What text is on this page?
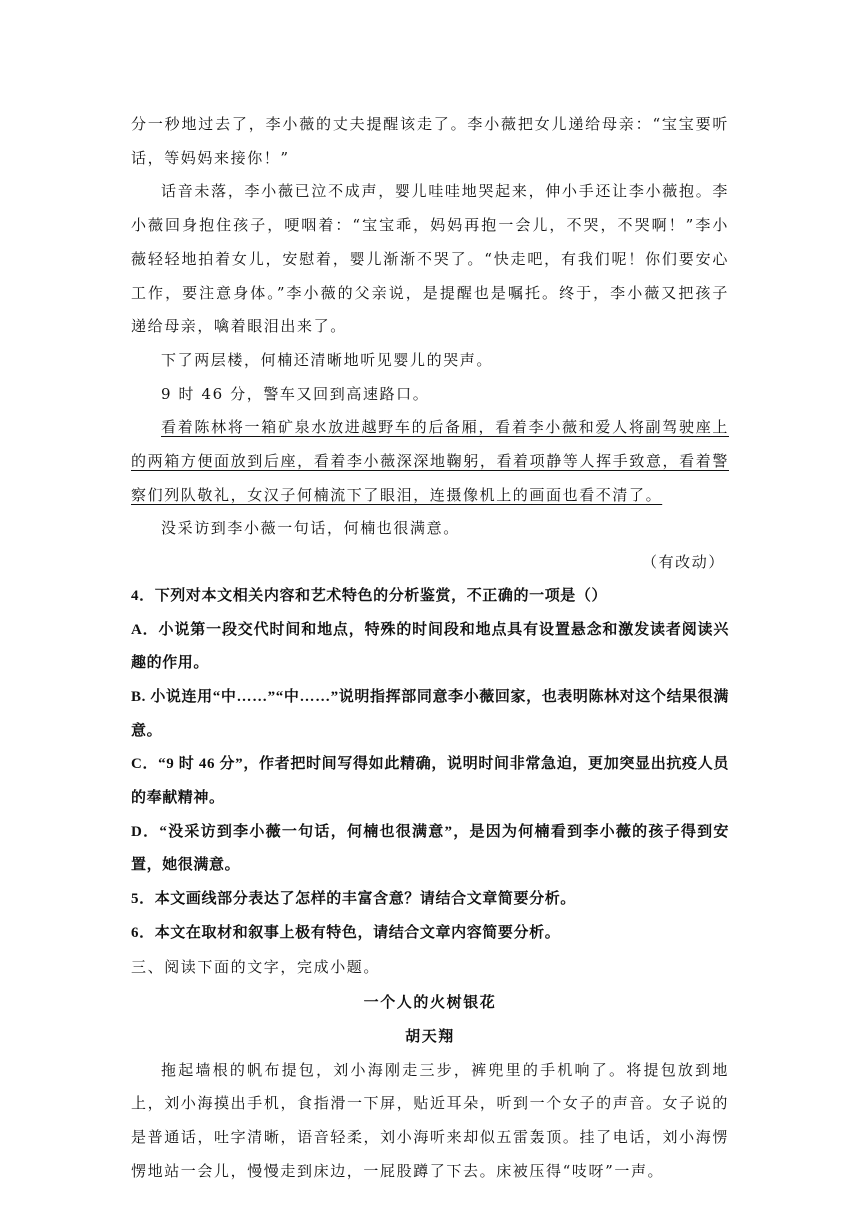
分一秒地过去了，李小薇的丈夫提醒该走了。李小薇把女儿递给母亲：“宝宝要听话，等妈妈来接你！”

话音未落，李小薇已泣不成声，婴儿哇哇地哭起来，伸小手还让李小薇抱。李小薇回身抱住孩子，哽咽着：“宝宝乖，妈妈再抱一会儿，不哭，不哭啊！”李小薇轻轻地拍着女儿，安慰着，婴儿渐渐不哭了。“快走吧，有我们呢！你们要安心工作，要注意身体。”李小薇的父亲说，是提醒也是嘱托。终于，李小薇又把孩子递给母亲，噙着眼泪出来了。

下了两层楼，何楠还清晰地听见婴儿的哭声。

9 时 46 分，警车又回到高速路口。

看着陈林将一箱矿泉水放进越野车的后备厢，看着李小薇和爱人将副驾驶座上的两箱方便面放到后座，看着李小薇深深地鞠躬，看着项静等人挥手致意，看着警察们列队敬礼，女汉子何楠流下了眼泪，连摄像机上的画面也看不清了。

没采访到李小薇一句话，何楠也很满意。

（有改动）

4．下列对本文相关内容和艺术特色的分析鉴赏，不正确的一项是（）

A．小说第一段交代时间和地点，特殊的时间段和地点具有设置悬念和激发读者阅读兴趣的作用。

B. 小说连用“中……”“中……”说明指挥部同意李小薇回家，也表明陈林对这个结果很满意。

C．“9 时 46 分”，作者把时间写得如此精确，说明时间非常急迫，更加突显出抗疫人员的奉献精神。

D．“没采访到李小薇一句话，何楠也很满意”，是因为何楠看到李小薇的孩子得到安置，她很满意。

5．本文画线部分表达了怎样的丰富含意？请结合文章简要分析。

6．本文在取材和叙事上极有特色，请结合文章内容简要分析。

三、阅读下面的文字，完成小题。

一个人的火树银花

胡天翔

拖起墙根的帆布提包，刘小海刚走三步，裤兜里的手机响了。将提包放到地上，刘小海摸出手机，食指滑一下屏，贴近耳朵，听到一个女子的声音。女子说的是普通话，吐字清晰，语音轻柔，刘小海听来却似五雷轰顶。挂了电话，刘小海愣愣地站一会儿，慢慢走到床边，一屁股蹲了下去。床被压得“吱呀”一声。
